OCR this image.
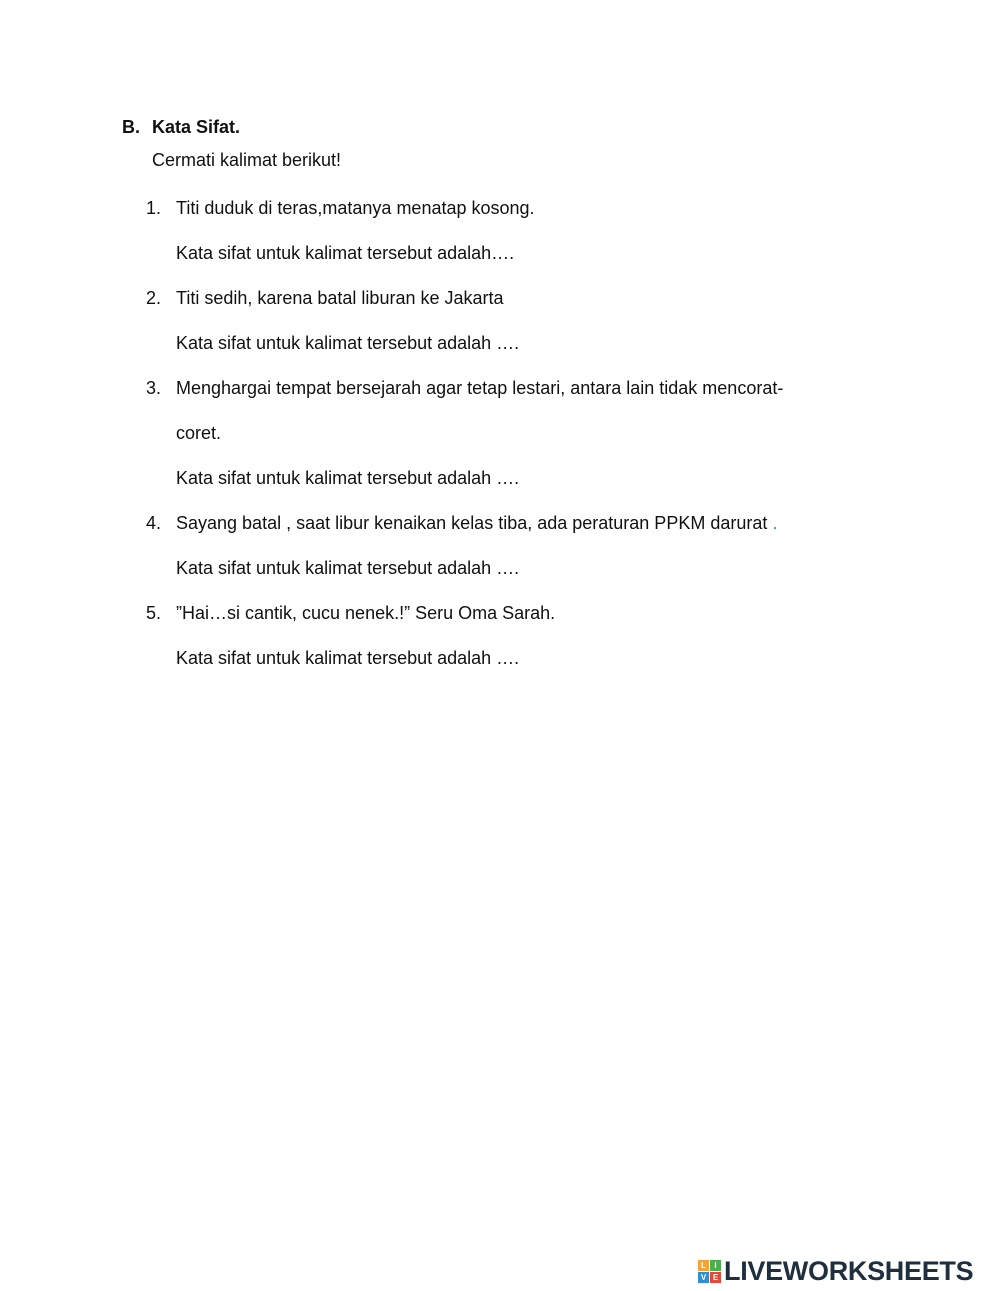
B. Kata Sifat.
Cermati kalimat berikut!
1. Titi duduk di teras,matanya menatap kosong.
Kata sifat untuk kalimat tersebut adalah….
2. Titi sedih, karena batal liburan ke Jakarta
Kata sifat untuk kalimat tersebut adalah ….
3. Menghargai tempat bersejarah agar tetap lestari, antara lain tidak mencorat-
coret.
Kata sifat untuk kalimat tersebut adalah ….
4. Sayang batal , saat libur kenaikan kelas tiba, ada peraturan PPKM darurat .
Kata sifat untuk kalimat tersebut adalah ….
5. ”Hai…si cantik, cucu nenek.!” Seru Oma Sarah.
Kata sifat untuk kalimat tersebut adalah ….
L	I
V E LIVEWORKSHEETS
